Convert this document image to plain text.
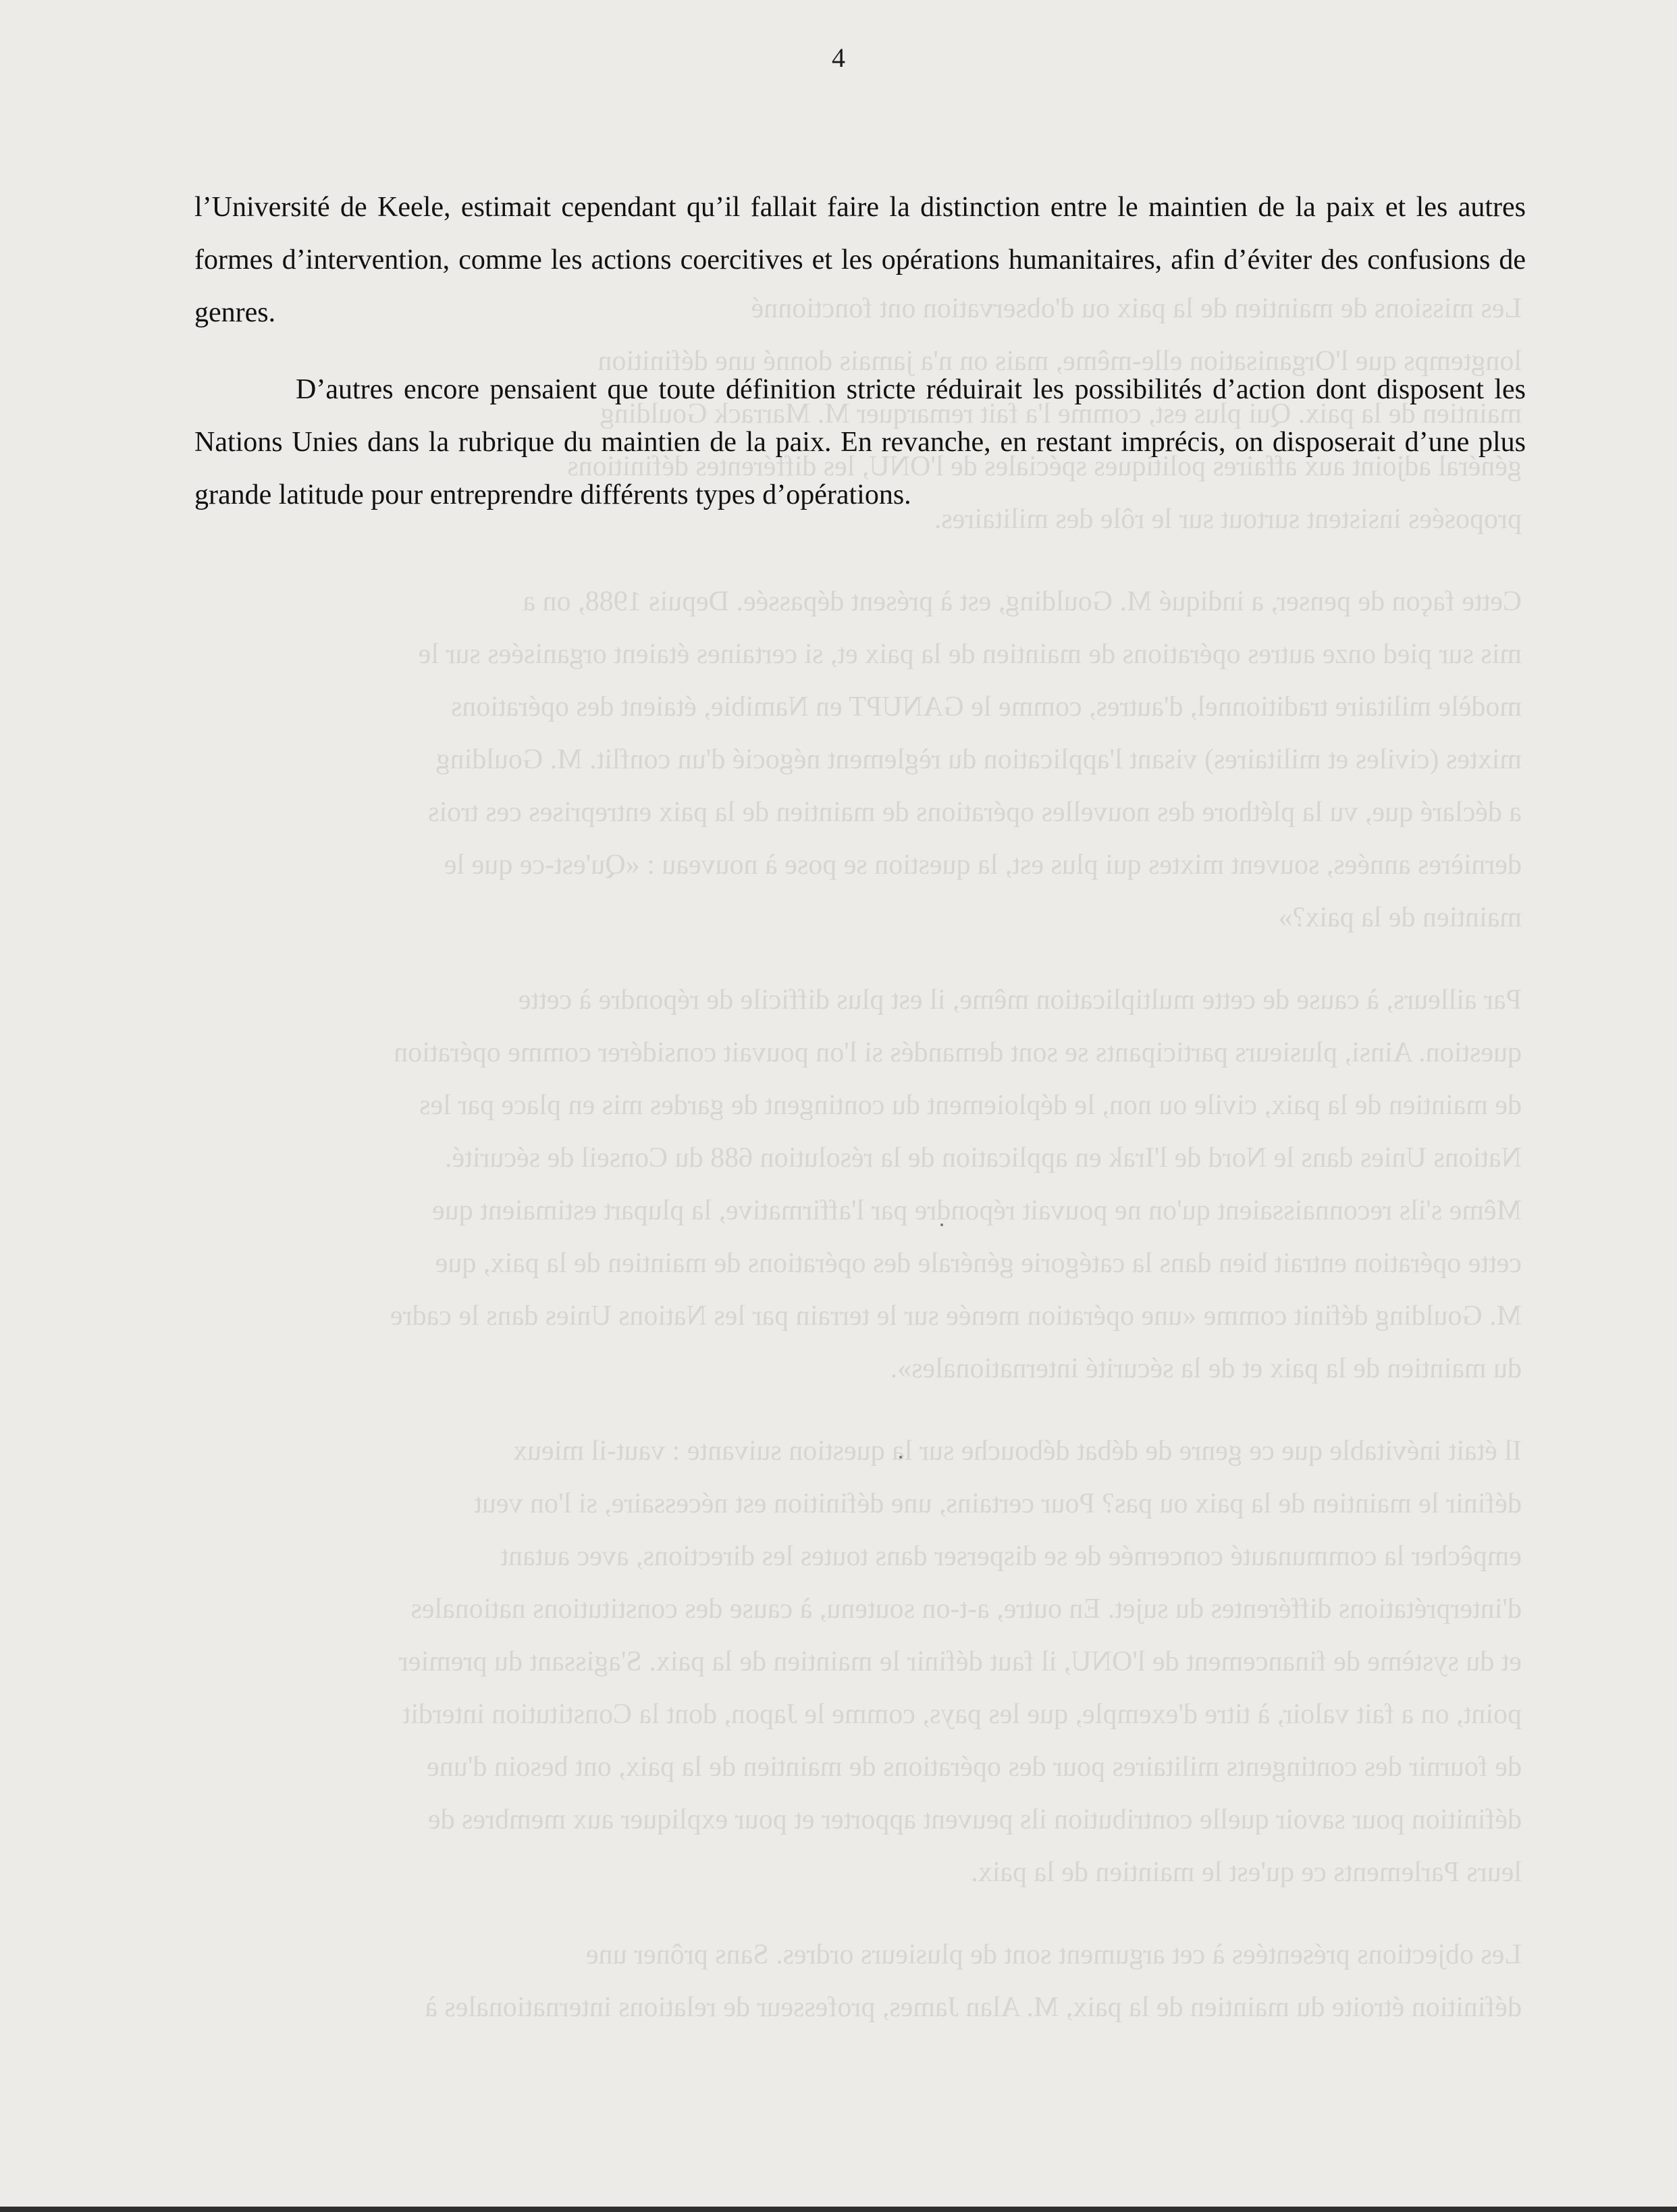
Les missions de maintien de la paix ou d'observation ont fonctionné
longtemps que l'Organisation elle-même, mais on n'a jamais donné une définition
maintien de la paix. Qui plus est, comme l'a fait remarquer M. Marrack Goulding
général adjoint aux affaires politiques spéciales de l'ONU, les différentes définitions
proposées insistent surtout sur le rôle des militaires.
Cette façon de penser, a indiqué M. Goulding, est à présent dépassée. Depuis 1988, on a
mis sur pied onze autres opérations de maintien de la paix et, si certaines étaient organisées sur le
modèle militaire traditionnel, d'autres, comme le GANUPT en Namibie, étaient des opérations
mixtes (civiles et militaires) visant l'application du règlement négocié d'un conflit. M. Goulding
a déclaré que, vu la pléthore des nouvelles opérations de maintien de la paix entreprises ces trois
dernières années, souvent mixtes qui plus est, la question se pose à nouveau : «Qu'est-ce que le
maintien de la paix?»
Par ailleurs, à cause de cette multiplication même, il est plus difficile de répondre à cette
question. Ainsi, plusieurs participants se sont demandés si l'on pouvait considérer comme opération
de maintien de la paix, civile ou non, le déploiement du contingent de gardes mis en place par les
Nations Unies dans le Nord de l'Irak en application de la résolution 688 du Conseil de sécurité.
Même s'ils reconnaissaient qu'on ne pouvait répondre par l'affirmative, la plupart estimaient que
cette opération entrait bien dans la catégorie générale des opérations de maintien de la paix, que
M. Goulding définit comme «une opération menée sur le terrain par les Nations Unies dans le cadre
du maintien de la paix et de la sécurité internationales».
Il était inévitable que ce genre de débat débouche sur la question suivante : vaut-il mieux
définir le maintien de la paix ou pas? Pour certains, une définition est nécessaire, si l'on veut
empêcher la communauté concernée de se disperser dans toutes les directions, avec autant
d'interprétations différentes du sujet. En outre, a-t-on soutenu, à cause des constitutions nationales
et du système de financement de l'ONU, il faut définir le maintien de la paix. S'agissant du premier
point, on a fait valoir, à titre d'exemple, que les pays, comme le Japon, dont la Constitution interdit
de fournir des contingents militaires pour des opérations de maintien de la paix, ont besoin d'une
définition pour savoir quelle contribution ils peuvent apporter et pour expliquer aux membres de
leurs Parlements ce qu'est le maintien de la paix.
Les objections présentées à cet argument sont de plusieurs ordres. Sans prôner une
définition étroite du maintien de la paix, M. Alan James, professeur de relations internationales à
4

l’Université de Keele, estimait cependant qu’il fallait faire la distinction entre le maintien de la paix et les autres formes d’intervention, comme les actions coercitives et les opérations humanitaires, afin d’éviter des confusions de genres.

D’autres encore pensaient que toute définition stricte réduirait les possibilités d’action dont disposent les Nations Unies dans la rubrique du maintien de la paix. En revanche, en restant imprécis, on disposerait d’une plus grande latitude pour entreprendre différents types d’opérations.
